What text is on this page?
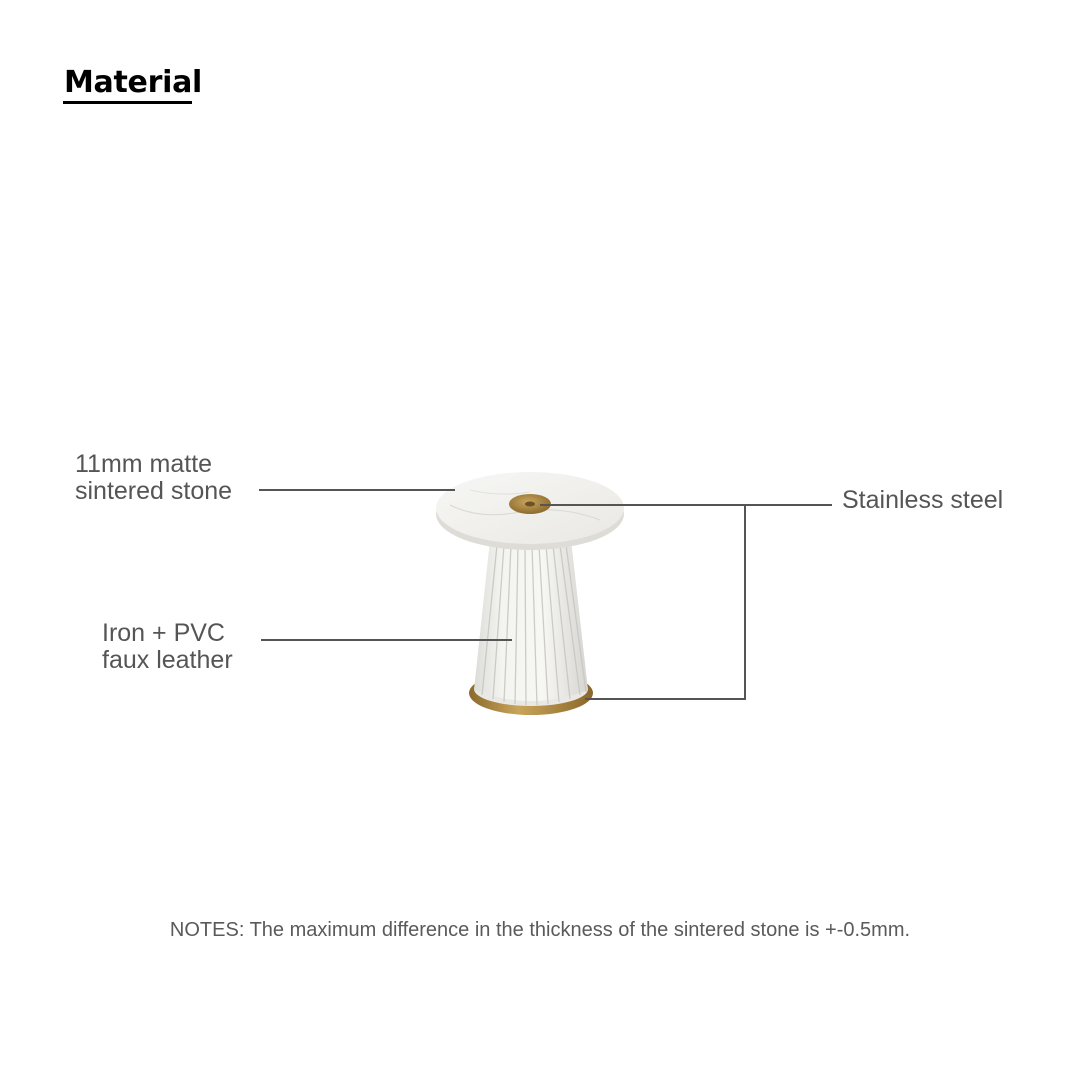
Material
11mm matte
sintered stone
Iron + PVC
faux leather
Stainless steel
NOTES: The maximum difference in the thickness of the sintered stone is +-0.5mm.
